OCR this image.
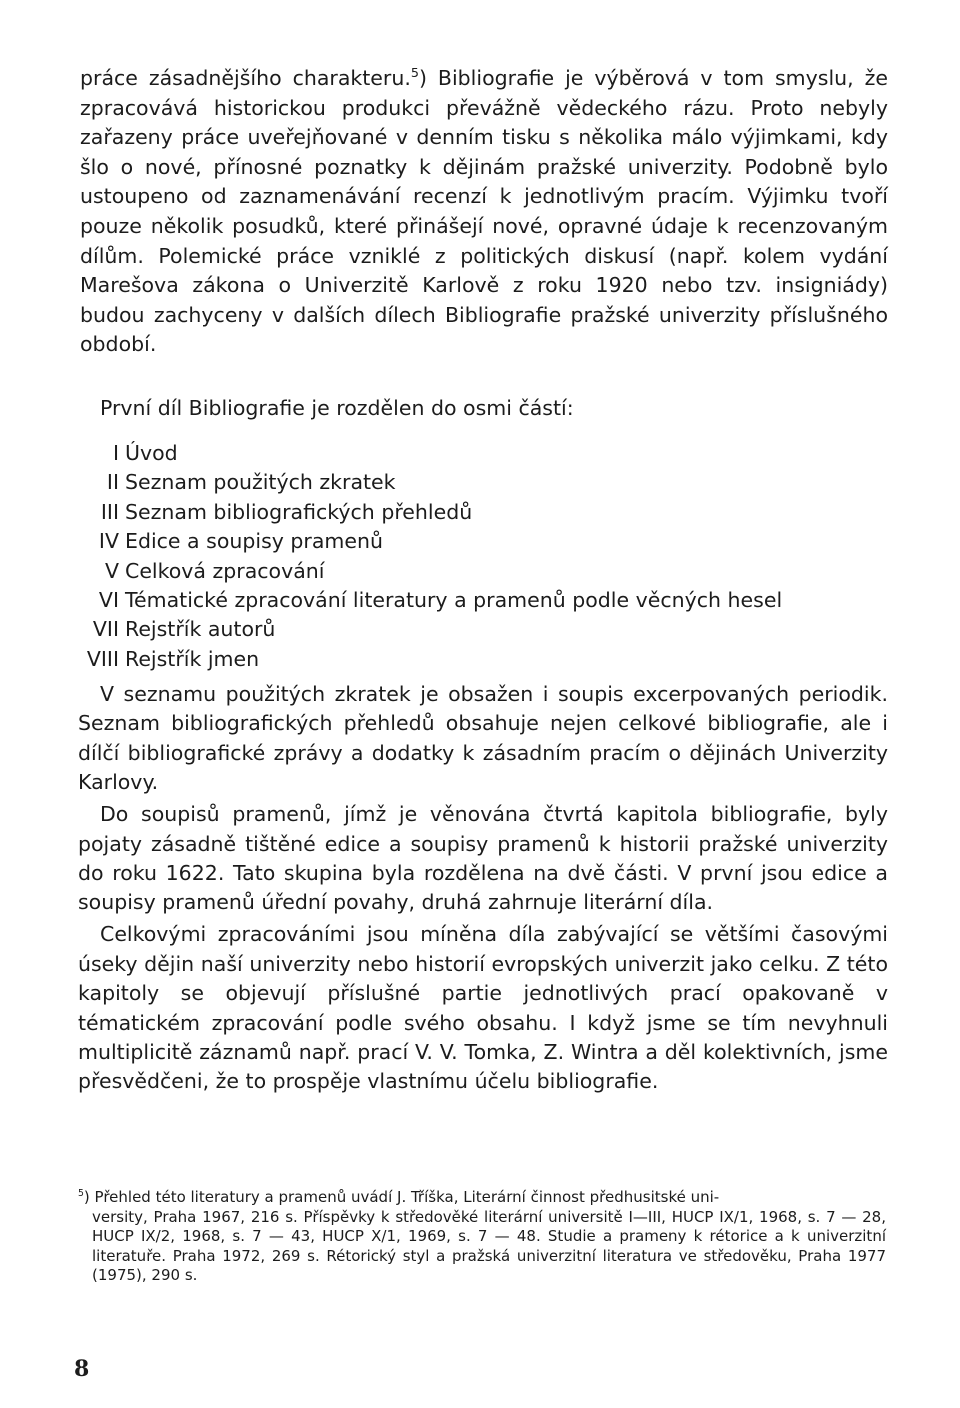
práce zásadnějšího charakteru.$^5$) Bibliografie je výběrová v tom smyslu, že zpracovává historickou produkci převážně vědeckého rázu. Proto nebyly zařazeny práce uveřejňované v denním tisku s několika málo výjimkami, kdy šlo o nové, přínosné poznatky k dějinám pražské univerzity. Podobně bylo ustoupeno od zaznamenávání recenzí k jednotlivým pracím. Výjimku tvoří pouze několik posudků, které přinášejí nové, opravné údaje k recenzovaným dílům. Polemické práce vzniklé z politických diskusí (např. kolem vydání Marešova zákona o Univerzitě Karlově z roku 1920 nebo tzv. insigniády) budou zachyceny v dalších dílech Bibliografie pražské univerzity příslušného období.

První díl Bibliografie je rozdělen do osmi částí:

I Úvod
II Seznam použitých zkratek
III Seznam bibliografických přehledů
IV Edice a soupisy pramenů
V Celková zpracování
VI Tématické zpracování literatury a pramenů podle věcných hesel
VII Rejstřík autorů
VIII Rejstřík jmen

V seznamu použitých zkratek je obsažen i soupis excerpovaných periodik. Seznam bibliografických přehledů obsahuje nejen celkové bibliografie, ale i dílčí bibliografické zprávy a dodatky k zásadním pracím o dějinách Univerzity Karlovy.

Do soupisů pramenů, jímž je věnována čtvrtá kapitola bibliografie, byly pojaty zásadně tištěné edice a soupisy pramenů k historii pražské univerzity do roku 1622. Tato skupina byla rozdělena na dvě části. V první jsou edice a soupisy pramenů úřední povahy, druhá zahrnuje literární díla.

Celkovými zpracováními jsou míněna díla zabývající se většími časovými úseky dějin naší univerzity nebo historií evropských univerzit jako celku. Z této kapitoly se objevují příslušné partie jednotlivých prací opakovaně v tématickém zpracování podle svého obsahu. I když jsme se tím nevyhnuli multiplicitě záznamů např. prací V. V. Tomka, Z. Wintra a děl kolektivních, jsme přesvědčeni, že to prospěje vlastnímu účelu bibliografie.

$^5$) Přehled této literatury a pramenů uvádí J. Tříška, Literární činnost předhusitské uni-
versity, Praha 1967, 216 s. Příspěvky k středověké literární universitě I—III, HUCP IX/1, 1968, s. 7 — 28, HUCP IX/2, 1968, s. 7 — 43, HUCP X/1, 1969, s. 7 — 48. Studie a prameny k rétorice a k univerzitní literatuře. Praha 1972, 269 s. Rétorický styl a pražská univerzitní literatura ve středověku, Praha 1977 (1975), 290 s.
8
